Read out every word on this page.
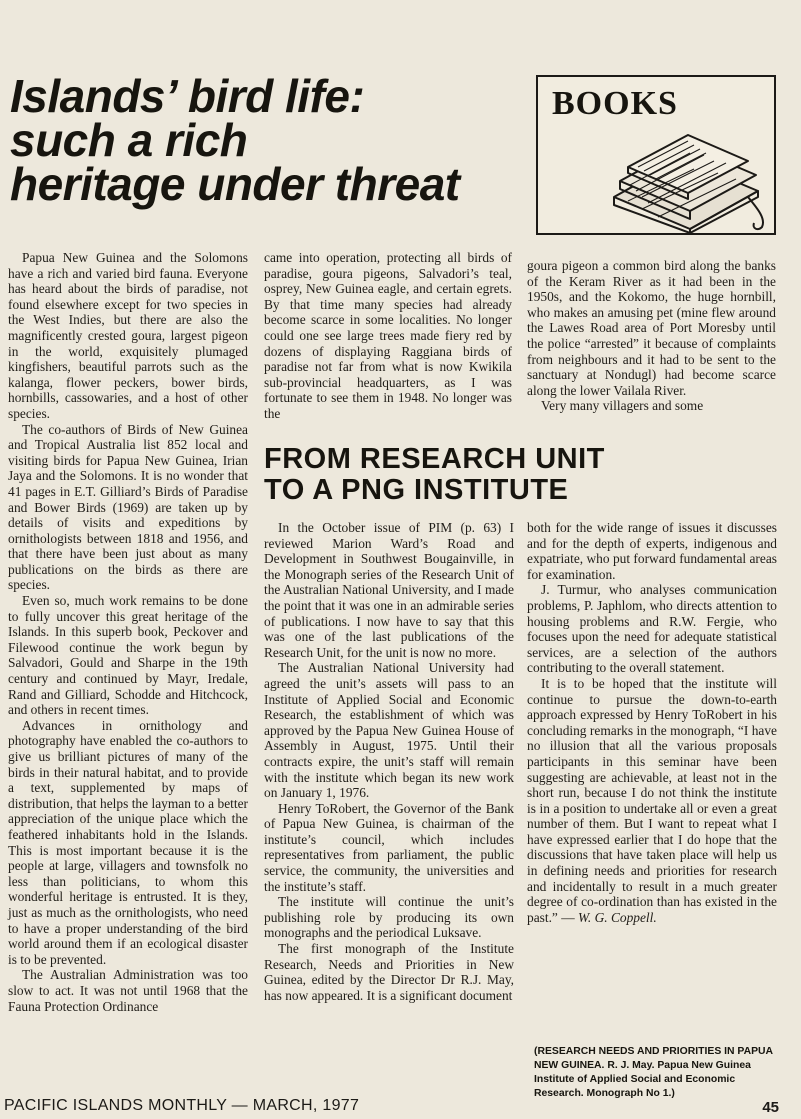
Islands’ bird life:
such a rich
heritage under threat
BOOKS

Papua New Guinea and the Solomons have a rich and varied bird fauna. Everyone has heard about the birds of paradise, not found elsewhere except for two species in the West Indies, but there are also the magnificently crested goura, largest pigeon in the world, exquisitely plumaged kingfishers, beautiful parrots such as the kalanga, flower peckers, bower birds, hornbills, cassowaries, and a host of other species.

The co-authors of Birds of New Guinea and Tropical Australia list 852 local and visiting birds for Papua New Guinea, Irian Jaya and the Solomons. It is no wonder that 41 pages in E.T. Gilliard’s Birds of Paradise and Bower Birds (1969) are taken up by details of visits and expeditions by ornithologists between 1818 and 1956, and that there have been just about as many publications on the birds as there are species.

Even so, much work remains to be done to fully uncover this great heritage of the Islands. In this superb book, Peckover and Filewood continue the work begun by Salvadori, Gould and Sharpe in the 19th century and continued by Mayr, Iredale, Rand and Gilliard, Schodde and Hitchcock, and others in recent times.

Advances in ornithology and photography have enabled the co-authors to give us brilliant pictures of many of the birds in their natural habitat, and to provide a text, supplemented by maps of distribution, that helps the layman to a better appreciation of the unique place which the feathered inhabitants hold in the Islands. This is most important because it is the people at large, villagers and townsfolk no less than politicians, to whom this wonderful heritage is entrusted. It is they, just as much as the ornithologists, who need to have a proper understanding of the bird world around them if an ecological disaster is to be prevented.

The Australian Administration was too slow to act. It was not until 1968 that the Fauna Protection Ordinance

came into operation, protecting all birds of paradise, goura pigeons, Salvadori’s teal, osprey, New Guinea eagle, and certain egrets. By that time many species had already become scarce in some localities. No longer could one see large trees made fiery red by dozens of displaying Raggiana birds of paradise not far from what is now Kwikila sub-provincial headquarters, as I was fortunate to see them in 1948. No longer was the

goura pigeon a common bird along the banks of the Keram River as it had been in the 1950s, and the Kokomo, the huge hornbill, who makes an amusing pet (mine flew around the Lawes Road area of Port Moresby until the police “arrested” it because of complaints from neighbours and it had to be sent to the sanctuary at Nondugl) had become scarce along the lower Vailala River.

Very many villagers and some

FROM RESEARCH UNIT
TO A PNG INSTITUTE

In the October issue of PIM (p. 63) I reviewed Marion Ward’s Road and Development in Southwest Bougainville, in the Monograph series of the Research Unit of the Australian National University, and I made the point that it was one in an admirable series of publications. I now have to say that this was one of the last publications of the Research Unit, for the unit is now no more.

The Australian National University had agreed the unit’s assets will pass to an Institute of Applied Social and Economic Research, the establishment of which was approved by the Papua New Guinea House of Assembly in August, 1975. Until their contracts expire, the unit’s staff will remain with the institute which began its new work on January 1, 1976.

Henry ToRobert, the Governor of the Bank of Papua New Guinea, is chairman of the institute’s council, which includes representatives from parliament, the public service, the community, the universities and the institute’s staff.

The institute will continue the unit’s publishing role by producing its own monographs and the periodical Luksave.

The first monograph of the Institute Research, Needs and Priorities in New Guinea, edited by the Director Dr R.J. May, has now appeared. It is a significant document

both for the wide range of issues it discusses and for the depth of experts, indigenous and expatriate, who put forward fundamental areas for examination.

J. Turmur, who analyses communication problems, P. Japhlom, who directs attention to housing problems and R.W. Fergie, who focuses upon the need for adequate statistical services, are a selection of the authors contributing to the overall statement.

It is to be hoped that the institute will continue to pursue the down-to-earth approach expressed by Henry ToRobert in his concluding remarks in the monograph, “I have no illusion that all the various proposals participants in this seminar have been suggesting are achievable, at least not in the short run, because I do not think the institute is in a position to undertake all or even a great number of them. But I want to repeat what I have expressed earlier that I do hope that the discussions that have taken place will help us in defining needs and priorities for research and incidentally to result in a much greater degree of co-ordination than has existed in the past.” — W. G. Coppell.

(RESEARCH NEEDS AND PRIORITIES IN PAPUA NEW GUINEA. R. J. May. Papua New Guinea Institute of Applied Social and Economic Research. Monograph No 1.)
PACIFIC ISLANDS MONTHLY — MARCH, 1977	45
